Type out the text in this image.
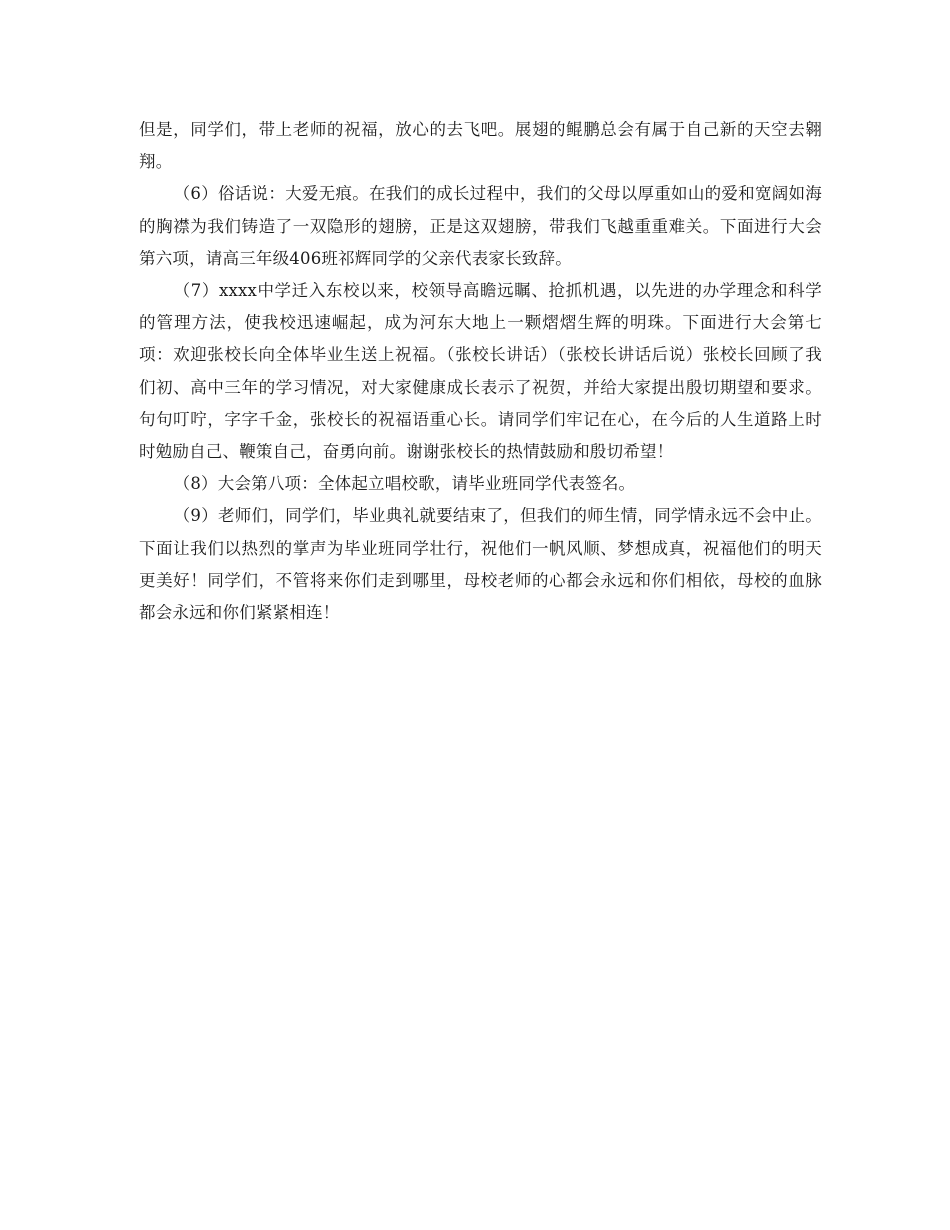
但是，同学们，带上老师的祝福，放心的去飞吧。展翅的鲲鹏总会有属于自己新的天空去翱翔。

（6）俗话说：大爱无痕。在我们的成长过程中，我们的父母以厚重如山的爱和宽阔如海的胸襟为我们铸造了一双隐形的翅膀，正是这双翅膀，带我们飞越重重难关。下面进行大会第六项，请高三年级406班祁辉同学的父亲代表家长致辞。

（7）xxxx中学迁入东校以来，校领导高瞻远瞩、抢抓机遇，以先进的办学理念和科学的管理方法，使我校迅速崛起，成为河东大地上一颗熠熠生辉的明珠。下面进行大会第七项：欢迎张校长向全体毕业生送上祝福。（张校长讲话）（张校长讲话后说）张校长回顾了我们初、高中三年的学习情况，对大家健康成长表示了祝贺，并给大家提出殷切期望和要求。句句叮咛，字字千金，张校长的祝福语重心长。请同学们牢记在心，在今后的人生道路上时时勉励自己、鞭策自己，奋勇向前。谢谢张校长的热情鼓励和殷切希望！

（8）大会第八项：全体起立唱校歌，请毕业班同学代表签名。

（9）老师们，同学们，毕业典礼就要结束了，但我们的师生情，同学情永远不会中止。下面让我们以热烈的掌声为毕业班同学壮行，祝他们一帆风顺、梦想成真，祝福他们的明天更美好！同学们，不管将来你们走到哪里，母校老师的心都会永远和你们相依，母校的血脉都会永远和你们紧紧相连！
